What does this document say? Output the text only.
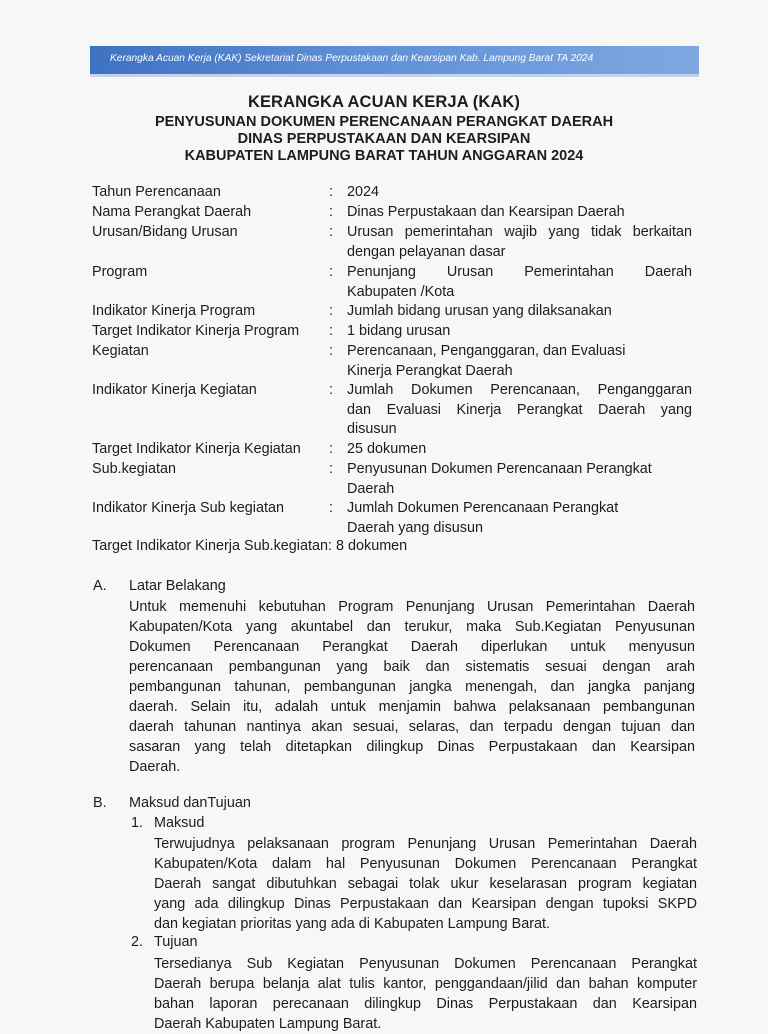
Kerangka Acuan Kerja (KAK) Sekretariat Dinas Perpustakaan dan Kearsipan Kab. Lampung Barat TA 2024
KERANGKA ACUAN KERJA (KAK)
PENYUSUNAN DOKUMEN PERENCANAAN PERANGKAT DAERAH
DINAS PERPUSTAKAAN DAN KEARSIPAN
KABUPATEN LAMPUNG BARAT TAHUN ANGGARAN 2024
Tahun Perencanaan	: 2024
Nama Perangkat Daerah	: Dinas Perpustakaan dan Kearsipan Daerah
Urusan/Bidang Urusan	: Urusan pemerintahan wajib yang tidak berkaitan
dengan pelayanan dasar
Program	: Penunjang Urusan Pemerintahan Daerah
Kabupaten /Kota
Indikator Kinerja Program	: Jumlah bidang urusan yang dilaksanakan
Target Indikator Kinerja Program : 1 bidang urusan
Kegiatan	: Perencanaan, Penganggaran, dan Evaluasi
Kinerja Perangkat Daerah
Indikator Kinerja Kegiatan	: Jumlah Dokumen Perencanaan, Penganggaran
dan Evaluasi Kinerja Perangkat Daerah yang
disusun
Target Indikator Kinerja Kegiatan : 25 dokumen
Sub.kegiatan	: Penyusunan Dokumen Perencanaan Perangkat
Daerah
Indikator Kinerja Sub kegiatan	: Jumlah Dokumen Perencanaan Perangkat
Daerah yang disusun
Target Indikator Kinerja Sub.kegiatan: 8 dokumen
A. Latar Belakang
Untuk memenuhi kebutuhan Program Penunjang Urusan Pemerintahan Daerah
Kabupaten/Kota yang akuntabel dan terukur, maka Sub.Kegiatan Penyusunan
Dokumen Perencanaan Perangkat Daerah diperlukan untuk menyusun
perencanaan pembangunan yang baik dan sistematis sesuai dengan arah
pembangunan tahunan, pembangunan jangka menengah, dan jangka panjang
daerah. Selain itu, adalah untuk menjamin bahwa pelaksanaan pembangunan
daerah tahunan nantinya akan sesuai, selaras, dan terpadu dengan tujuan dan
sasaran yang telah ditetapkan dilingkup Dinas Perpustakaan dan Kearsipan
Daerah.
B. Maksud danTujuan
1. Maksud
Terwujudnya pelaksanaan program Penunjang Urusan Pemerintahan Daerah
Kabupaten/Kota dalam hal Penyusunan Dokumen Perencanaan Perangkat
Daerah sangat dibutuhkan sebagai tolak ukur keselarasan program kegiatan
yang ada dilingkup Dinas Perpustakaan dan Kearsipan dengan tupoksi SKPD
dan kegiatan prioritas yang ada di Kabupaten Lampung Barat.
2. Tujuan
Tersedianya Sub Kegiatan Penyusunan Dokumen Perencanaan Perangkat
Daerah berupa belanja alat tulis kantor, penggandaan/jilid dan bahan komputer
bahan laporan perecanaan dilingkup Dinas Perpustakaan dan Kearsipan
Daerah Kabupaten Lampung Barat.
